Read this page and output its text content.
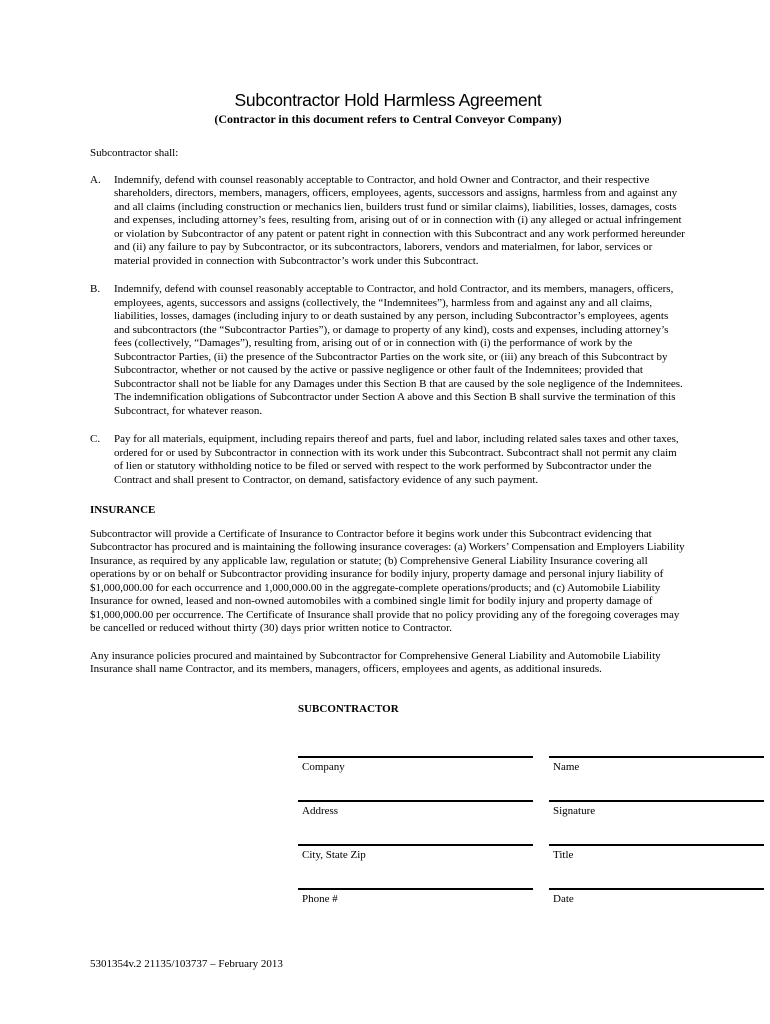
Subcontractor Hold Harmless Agreement
(Contractor in this document refers to Central Conveyor Company)

Subcontractor shall:

A.	Indemnify, defend with counsel reasonably acceptable to Contractor, and hold Owner and Contractor, and their respective shareholders, directors, members, managers, officers, employees, agents, successors and assigns, harmless from and against any and all claims (including construction or mechanics lien, builders trust fund or similar claims), liabilities, losses, damages, costs and expenses, including attorney’s fees, resulting from, arising out of or in connection with (i) any alleged or actual infringement or violation by Subcontractor of any patent or patent right in connection with this Subcontract and any work performed hereunder and (ii) any failure to pay by Subcontractor, or its subcontractors, laborers, vendors and materialmen, for labor, services or material provided in connection with Subcontractor’s work under this Subcontract.
B.	Indemnify, defend with counsel reasonably acceptable to Contractor, and hold Contractor, and its members, managers, officers, employees, agents, successors and assigns (collectively, the “Indemnitees”), harmless from and against any and all claims, liabilities, losses, damages (including injury to or death sustained by any person, including Subcontractor’s employees, agents and subcontractors (the “Subcontractor Parties”), or damage to property of any kind), costs and expenses, including attorney’s fees (collectively, “Damages”), resulting from, arising out of or in connection with (i) the performance of work by the Subcontractor Parties, (ii) the presence of the Subcontractor Parties on the work site, or (iii) any breach of this Subcontract by Subcontractor, whether or not caused by the active or passive negligence or other fault of the Indemnitees; provided that Subcontractor shall not be liable for any Damages under this Section B that are caused by the sole negligence of the Indemnitees. The indemnification obligations of Subcontractor under Section A above and this Section B shall survive the termination of this Subcontract, for whatever reason.
C.	Pay for all materials, equipment, including repairs thereof and parts, fuel and labor, including related sales taxes and other taxes, ordered for or used by Subcontractor in connection with its work under this Subcontract. Subcontract shall not permit any claim of lien or statutory withholding notice to be filed or served with respect to the work performed by Subcontractor under the Contract and shall present to Contractor, on demand, satisfactory evidence of any such payment.
INSURANCE

Subcontractor will provide a Certificate of Insurance to Contractor before it begins work under this Subcontract evidencing that Subcontractor has procured and is maintaining the following insurance coverages: (a) Workers’ Compensation and Employers Liability Insurance, as required by any applicable law, regulation or statute; (b) Comprehensive General Liability Insurance covering all operations by or on behalf or Subcontractor providing insurance for bodily injury, property damage and personal injury liability of $1,000,000.00 for each occurrence and 1,000,000.00 in the aggregate-complete operations/products; and (c) Automobile Liability Insurance for owned, leased and non-owned automobiles with a combined single limit for bodily injury and property damage of $1,000,000.00 per occurrence. The Certificate of Insurance shall provide that no policy providing any of the foregoing coverages may be cancelled or reduced without thirty (30) days prior written notice to Contractor.

Any insurance policies procured and maintained by Subcontractor for Comprehensive General Liability and Automobile Liability Insurance shall name Contractor, and its members, managers, officers, employees and agents, as additional insureds.

SUBCONTRACTOR
Company	Name
Address	Signature
City, State Zip	Title
Phone #	Date
5301354v.2 21135/103737 – February 2013
